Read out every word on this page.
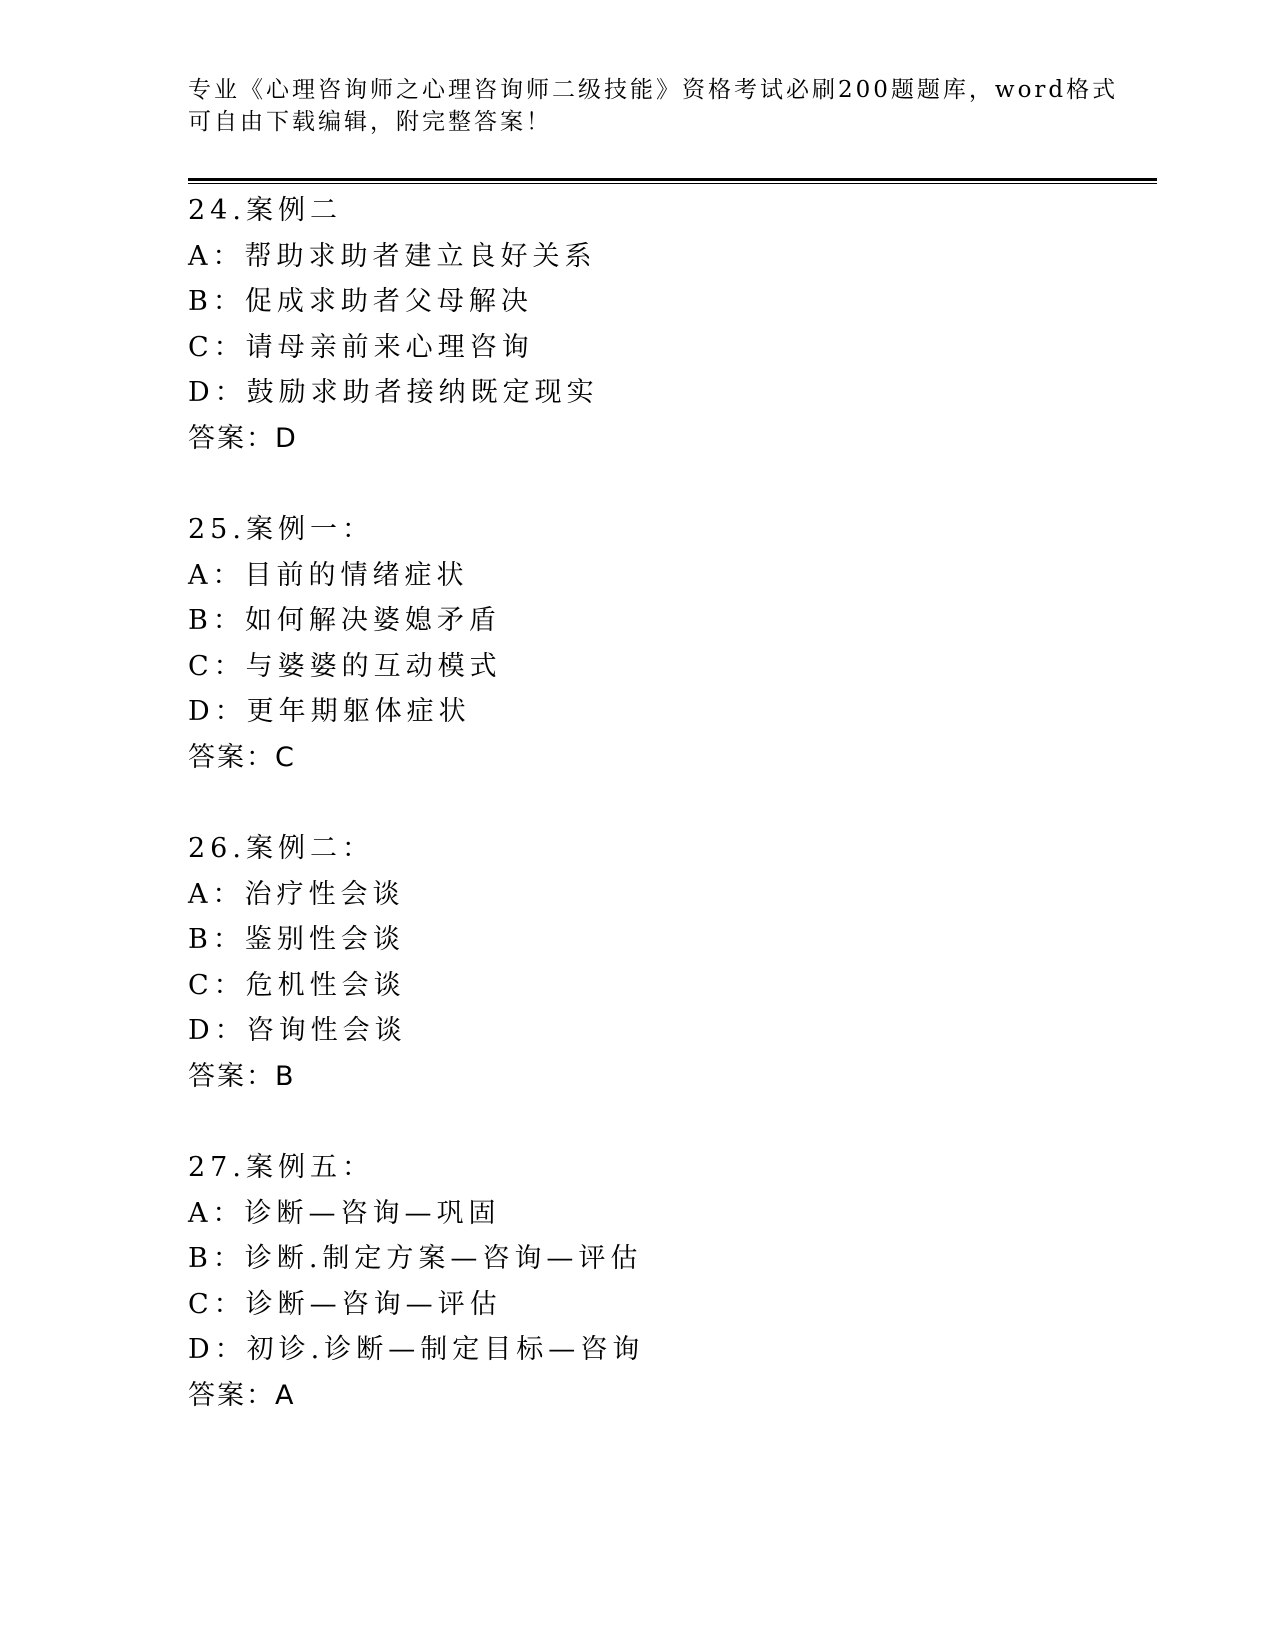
专业《心理咨询师之心理咨询师二级技能》资格考试必刷200题题库，word格式
可自由下载编辑，附完整答案！
24.案例二
A：帮助求助者建立良好关系
B：促成求助者父母解决
C：请母亲前来心理咨询
D：鼓励求助者接纳既定现实
答案：D
25.案例一：
A：目前的情绪症状
B：如何解决婆媳矛盾
C：与婆婆的互动模式
D：更年期躯体症状
答案：C
26.案例二：
A：治疗性会谈
B：鉴别性会谈
C：危机性会谈
D：咨询性会谈
答案：B
27.案例五：
A：诊断—咨询—巩固
B：诊断.制定方案—咨询—评估
C：诊断—咨询—评估
D：初诊.诊断—制定目标—咨询
答案：A
